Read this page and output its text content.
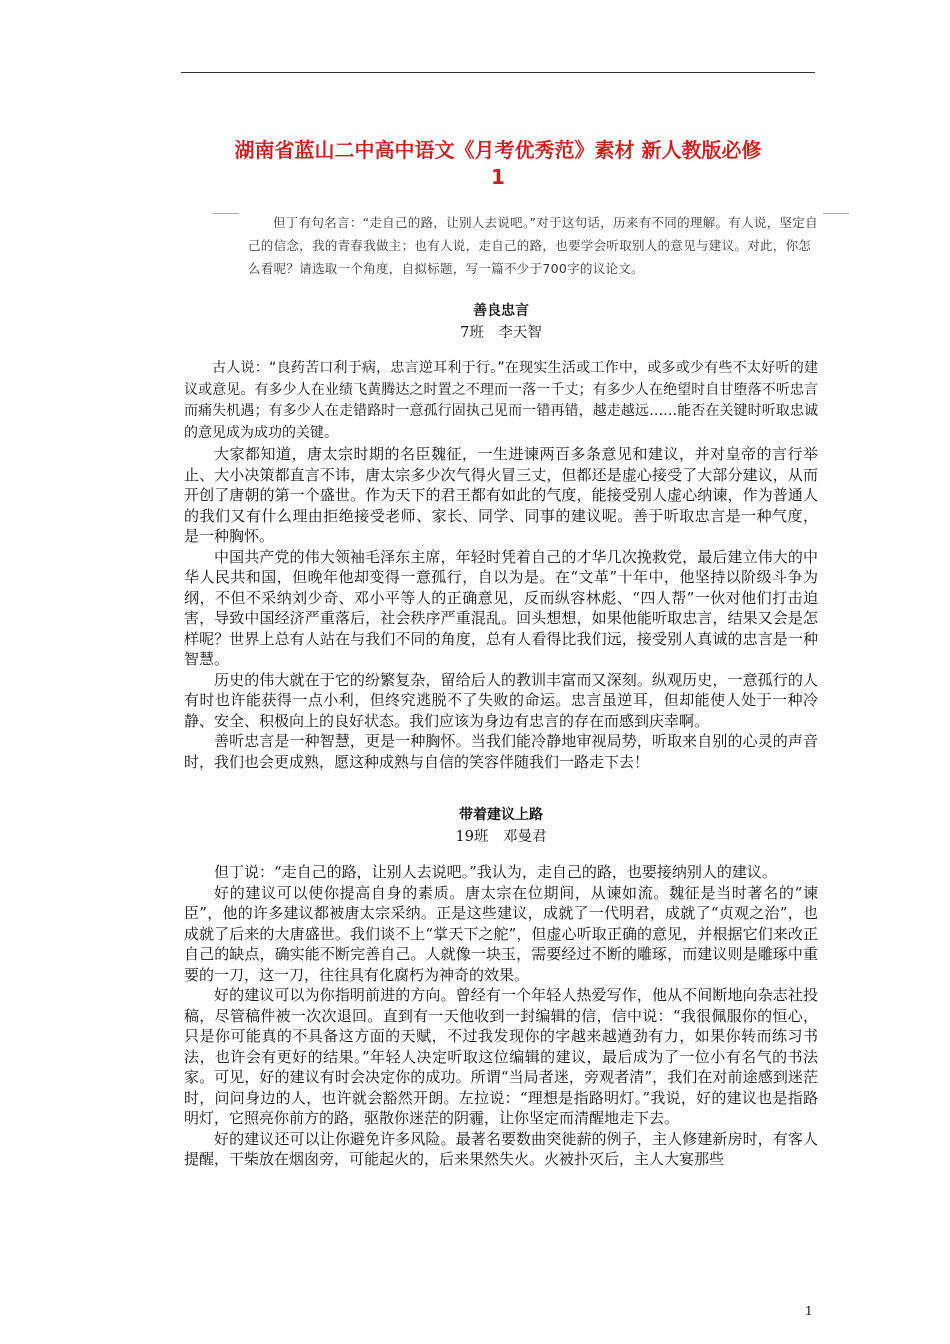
湖南省蓝山二中高中语文《月考优秀范》素材 新人教版必修
1

但丁有句名言：“走自己的路，让别人去说吧。”对于这句话，历来有不同的理解。有人说，坚定自己的信念，我的青春我做主；也有人说，走自己的路，也要学会听取别人的意见与建议。对此，你怎么看呢？请选取一个角度，自拟标题，写一篇不少于700字的议论文。

善良忠言
7班　李天智

古人说：“良药苦口利于病，忠言逆耳利于行。”在现实生活或工作中，或多或少有些不太好听的建议或意见。有多少人在业绩飞黄腾达之时置之不理而一落一千丈；有多少人在绝望时自甘堕落不听忠言而痛失机遇；有多少人在走错路时一意孤行固执己见而一错再错，越走越远……能否在关键时听取忠诚的意见成为成功的关键。

大家都知道，唐太宗时期的名臣魏征，一生进谏两百多条意见和建议，并对皇帝的言行举止、大小决策都直言不讳，唐太宗多少次气得火冒三丈，但都还是虚心接受了大部分建议，从而开创了唐朝的第一个盛世。作为天下的君王都有如此的气度，能接受别人虚心纳谏，作为普通人的我们又有什么理由拒绝接受老师、家长、同学、同事的建议呢。善于听取忠言是一种气度， 是一种胸怀。

中国共产党的伟大领袖毛泽东主席，年轻时凭着自己的才华几次挽救党，最后建立伟大的中华人民共和国，但晚年他却变得一意孤行，自以为是。在“文革”十年中，他坚持以阶级斗争为纲，不但不采纳刘少奇、邓小平等人的正确意见，反而纵容林彪、“四人帮”一伙对他们打击迫害，导致中国经济严重落后，社会秩序严重混乱。回头想想，如果他能听取忠言，结果又会是怎样呢？世界上总有人站在与我们不同的角度，总有人看得比我们远，接受别人真诚的忠言是一种智慧。

历史的伟大就在于它的纷繁复杂，留给后人的教训丰富而又深刻。纵观历史，一意孤行的人有时也许能获得一点小利，但终究逃脱不了失败的命运。忠言虽逆耳，但却能使人处于一种冷静、安全、积极向上的良好状态。我们应该为身边有忠言的存在而感到庆幸啊。

善听忠言是一种智慧，更是一种胸怀。当我们能冷静地审视局势，听取来自别的心灵的声音时，我们也会更成熟，愿这种成熟与自信的笑容伴随我们一路走下去！

带着建议上路
19班　邓曼君

但丁说：“走自己的路，让别人去说吧。”我认为，走自己的路，也要接纳别人的建议。

好的建议可以使你提高自身的素质。唐太宗在位期间，从谏如流。魏征是当时著名的“谏臣”，他的许多建议都被唐太宗采纳。正是这些建议，成就了一代明君，成就了“贞观之治”，也成就了后来的大唐盛世。我们谈不上“掌天下之舵”，但虚心听取正确的意见，并根据它们来改正自己的缺点，确实能不断完善自己。人就像一块玉，需要经过不断的雕琢，而建议则是雕琢中重要的一刀，这一刀，往往具有化腐朽为神奇的效果。

好的建议可以为你指明前进的方向。曾经有一个年轻人热爱写作，他从不间断地向杂志社投稿，尽管稿件被一次次退回。直到有一天他收到一封编辑的信，信中说：“我很佩服你的恒心，只是你可能真的不具备这方面的天赋，不过我发现你的字越来越遒劲有力，如果你转而练习书法，也许会有更好的结果。”年轻人决定听取这位编辑的建议，最后成为了一位小有名气的书法家。可见，好的建议有时会决定你的成功。所谓“当局者迷，旁观者清”，我们在对前途感到迷茫时，问问身边的人，也许就会豁然开朗。左拉说：“理想是指路明灯。”我说，好的建议也是指路明灯，它照亮你前方的路，驱散你迷茫的阴霾，让你坚定而清醒地走下去。

好的建议还可以让你避免许多风险。最著名要数曲突徙薪的例子，主人修建新房时，有客人提醒，干柴放在烟囱旁，可能起火的，后来果然失火。火被扑灭后，主人大宴那些

1
